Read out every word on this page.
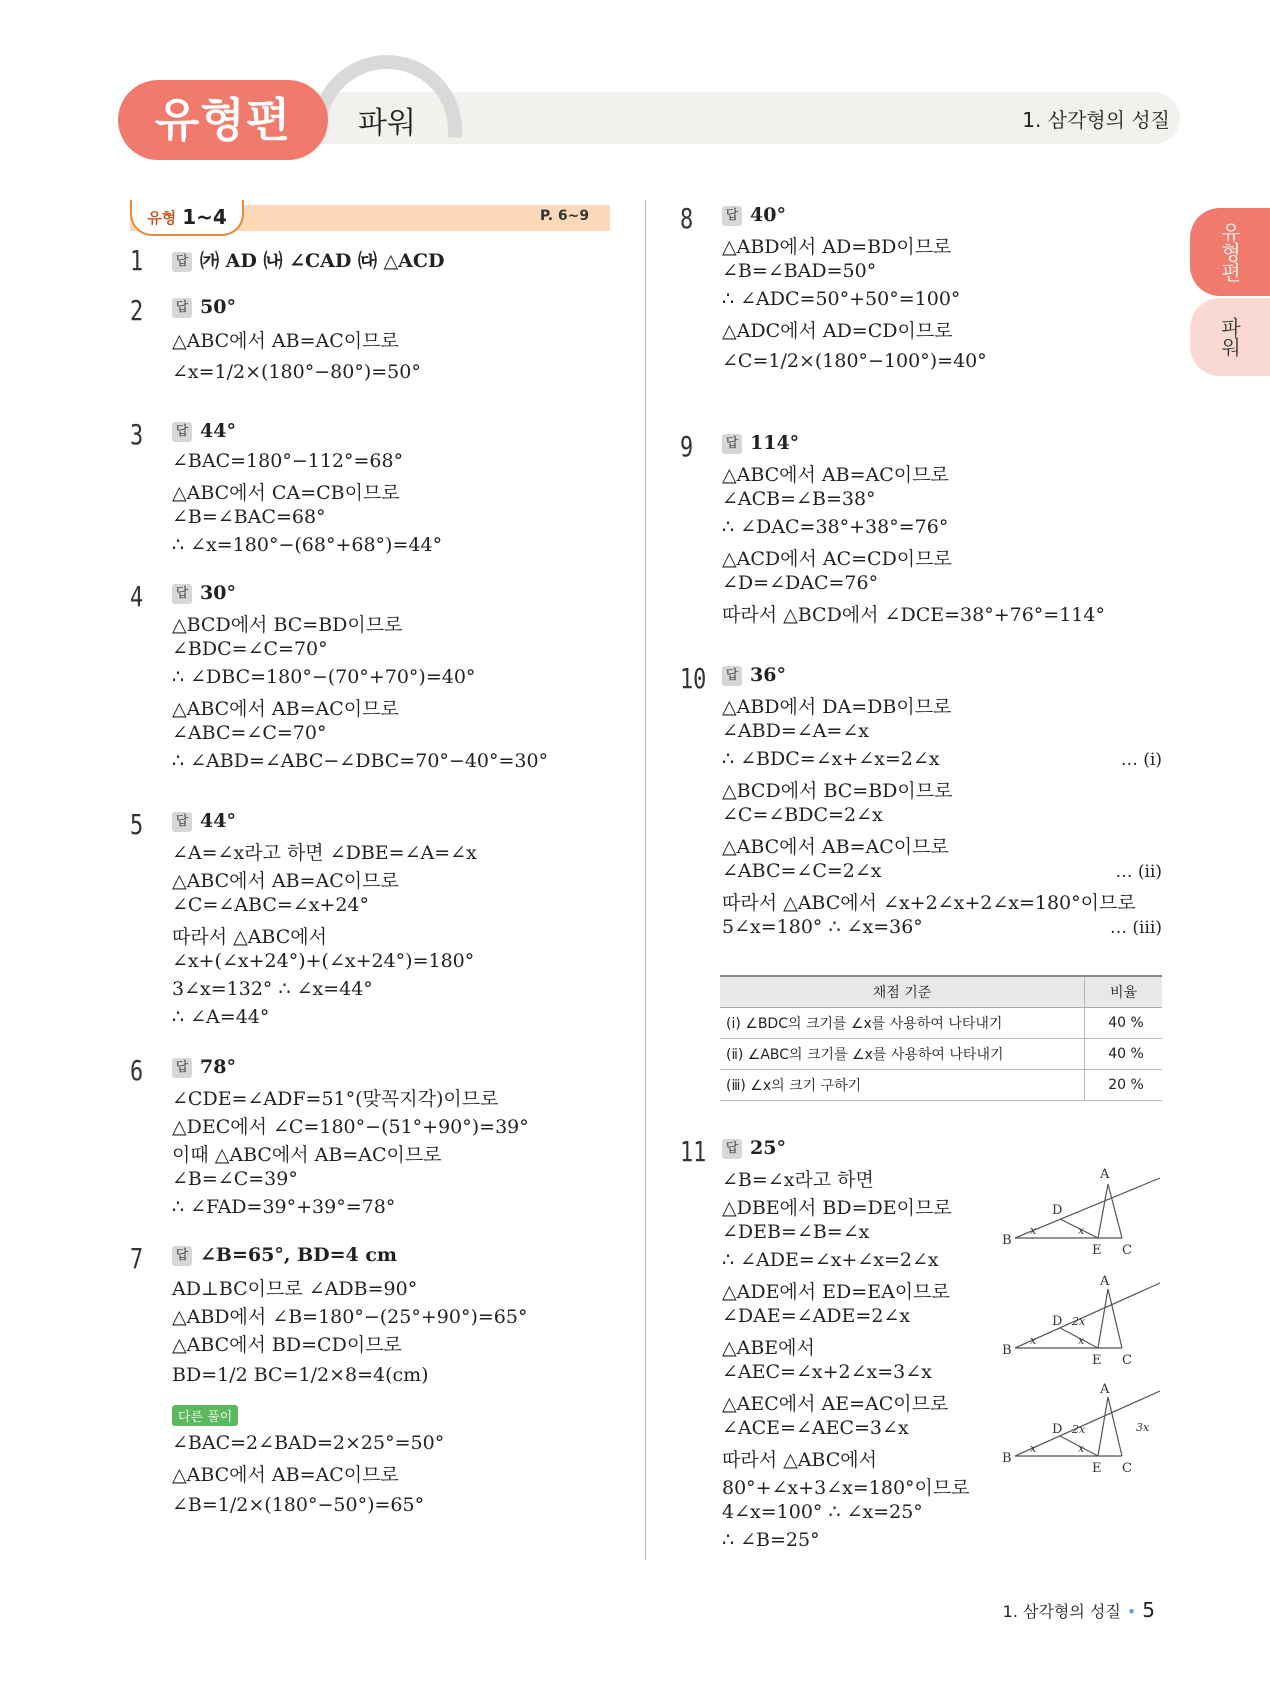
유형편	파워	1. 삼각형의 성질
유형편
파워
유형 1~4	P. 6~9
1	답 ㈎ AD ㈏ ∠CAD ㈐ △ACD
2	답 50°
△ABC에서 AB=AC이므로
∠x=1/2×(180°−80°)=50°
3	답 44°
∠BAC=180°−112°=68°
△ABC에서 CA=CB이므로
∠B=∠BAC=68°
∴ ∠x=180°−(68°+68°)=44°
4	답 30°
△BCD에서 BC=BD이므로
∠BDC=∠C=70°
∴ ∠DBC=180°−(70°+70°)=40°
△ABC에서 AB=AC이므로
∠ABC=∠C=70°
∴ ∠ABD=∠ABC−∠DBC=70°−40°=30°
5	답 44°
∠A=∠x라고 하면 ∠DBE=∠A=∠x
△ABC에서 AB=AC이므로
∠C=∠ABC=∠x+24°
따라서 △ABC에서
∠x+(∠x+24°)+(∠x+24°)=180°
3∠x=132° ∴ ∠x=44°
∴ ∠A=44°
6	답 78°
∠CDE=∠ADF=51°(맞꼭지각)이므로
△DEC에서 ∠C=180°−(51°+90°)=39°
이때 △ABC에서 AB=AC이므로
∠B=∠C=39°
∴ ∠FAD=39°+39°=78°
7	답 ∠B=65°, BD=4 cm
AD⊥BC이므로 ∠ADB=90°
△ABD에서 ∠B=180°−(25°+90°)=65°
△ABC에서 BD=CD이므로
BD=1/2 BC=1/2×8=4(cm)
다른 풀이
∠BAC=2∠BAD=2×25°=50°
△ABC에서 AB=AC이므로
∠B=1/2×(180°−50°)=65°
8	답 40°
△ABD에서 AD=BD이므로
∠B=∠BAD=50°
∴ ∠ADC=50°+50°=100°
△ADC에서 AD=CD이므로
∠C=1/2×(180°−100°)=40°
9	답 114°
△ABC에서 AB=AC이므로
∠ACB=∠B=38°
∴ ∠DAC=38°+38°=76°
△ACD에서 AC=CD이므로
∠D=∠DAC=76°
따라서 △BCD에서 ∠DCE=38°+76°=114°
10 답 36°
△ABD에서 DA=DB이므로
∠ABD=∠A=∠x
∴ ∠BDC=∠x+∠x=2∠x	… (ⅰ)
△BCD에서 BC=BD이므로
∠C=∠BDC=2∠x
△ABC에서 AB=AC이므로
∠ABC=∠C=2∠x	… (ⅱ)
따라서 △ABC에서 ∠x+2∠x+2∠x=180°이므로
5∠x=180° ∴ ∠x=36°	… (ⅲ)
채점 기준	비율
(ⅰ) ∠BDC의 크기를 ∠x를 사용하여 나타내기	40 %
(ⅱ) ∠ABC의 크기를 ∠x를 사용하여 나타내기	40 %
(ⅲ) ∠x의 크기 구하기	20 %
11 답 25°
∠B=∠x라고 하면
△DBE에서 BD=DE이므로
∠DEB=∠B=∠x
∴ ∠ADE=∠x+∠x=2∠x
△ADE에서 ED=EA이므로
∠DAE=∠ADE=2∠x
△ABE에서
∠AEC=∠x+2∠x=3∠x
△AEC에서 AE=AC이므로
∠ACE=∠AEC=3∠x
따라서 △ABC에서
80°+∠x+3∠x=180°이므로
4∠x=100° ∴ ∠x=25°
∴ ∠B=25°
B
D
A
E C
x	x
B
D
A
E C
x	x
2x
B
D
A
E C
x	x
2x	3x
1. 삼각형의 성질 • 5
